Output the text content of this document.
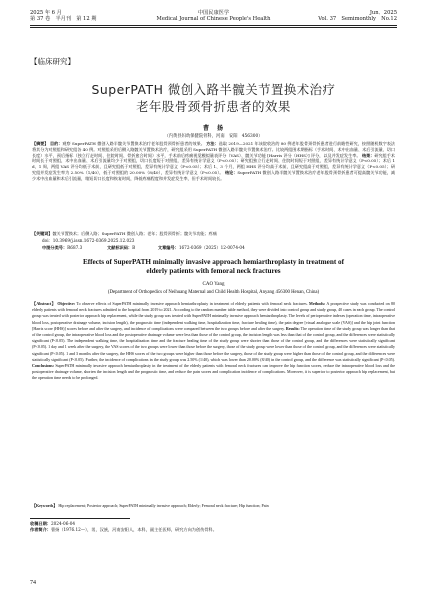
2025 年 6 月
第 37 卷　半月刊　第 12 期
中国民康医学
Medical Journal of Chinese People's Health
Jun．2025
Vol. 37　Semimonthly　No.12
【临床研究】
SuperPATH 微创入路半髋关节置换术治疗
老年股骨颈骨折患者的效果
曹　扬
（内黄县妇幼保健院骨科，河南　安阳　456300）
【摘要】 目的：观察 SuperPATH 微创入路半髋关节置换术治疗老年股骨颈骨折患者的效果。 方法：选取 2019—2021 年该院收治的 80 例老年股骨颈骨折患者进行前瞻性研究，按照随机数字表法将其分为对照组和研究组各 40 例。对照组采用后侧入路髋关节置换术治疗，研究组采用 SuperPATH 微创入路半髋关节置换术治疗。比较两组围术期指标（手术时间、术中出血量、术后引流量、切口长度）水平，预后指标（独立行走时间、住院时间、骨折愈合时间）水平，手术前后疼痛视觉模拟量表评分（VAS）、髋关节功能 [Harris 评分（HHS）] 评分，以及并发症发生率。 结果：研究组手术时间长于对照组，术中出血量、术后引流量均少于对照组，切口长度短于对照组，差异有统计学意义（P<0.05）；研究组独立行走时间、住院时间短于对照组，差异有统计学意义（P<0.05）；术后 1 d、1 周，两组 VAS 评分均低于术前，且研究组低于对照组，差异有统计学意义（P<0.05）；术后 1、3 个月，两组 HHS 评分均高于术前，且研究组高于对照组，差异有统计学意义（P<0.05）；研究组并发症发生率为 2.50%（1/40），低于对照组的 20.00%（8/40），差异有统计学意义（P<0.05）。 结论：SuperPATH 微创入路半髋关节置换术治疗老年股骨颈骨折患者可提高髋关节功能，减少术中出血量和术后引流量，缩短切口长度和恢复时间，降低疼痛程度和并发症发生率，但手术时间较长。
【关键词】髋关节置换术；后侧入路；SuperPATH 微创入路；老年；股骨颈骨折；髋关节功能；疼痛
doi：10.3969/j.issn.1672-0369.2025.12.023
中图分类号：R687.3	文献标识码：B	文章编号：1672-0369（2025）12-0074-04
Effects of SuperPATH minimally invasive approach hemiarthroplasty in treatment of
elderly patients with femoral neck fractures
CAO Yang
(Department of Orthopedics of Neihuang Maternal and Child Health Hospital, Anyang 456300 Henan, China)
【Abstract】 Objective: To observe effects of SuperPATH minimally invasive approach hemiarthroplasty in treatment of elderly patients with femoral neck fractures. Methods: A prospective study was conducted on 80 elderly patients with femoral neck fractures admitted to the hospital from 2019 to 2021. According to the random number table method, they were divided into control group and study group, 40 cases in each group. The control group was treated with posterior approach hip replacement, while the study group was treated with SuperPATH minimally invasive approach hemiarthroplasty. The levels of perioperative indexes (operation time, intraoperative blood loss, postoperative drainage volume, incision length), the prognostic time (independent walking time, hospitalization time, fracture healing time), the pain degree [visual analogue scale (VAS)] and the hip joint function [Harris score (HHS)] scores before and after the surgery, and incidence of complications were compared between the two groups before and after the surgery. Results: The operation time of the study group was longer than that of the control group, the intraoperative blood loss and the postoperative drainage volume were less than those of the control group, the incision length was less than that of the control group, and the differences were statistically significant (P<0.05). The independent walking time, the hospitalization time and the fracture healing time of the study group were shorter than those of the control group, and the differences were statistically significant (P<0.05). 1 day and 1 week after the surgery, the VAS scores of the two groups were lower than those before the surgery, those of the study group were lower than those of the control group, and the differences were statistically significant (P<0.05). 1 and 3 months after the surgery, the HHS scores of the two groups were higher than those before the surgery, those of the study group were higher than those of the control group, and the differences were statistically significant (P<0.05). Further, the incidence of complications in the study group was 2.50% (1/40), which was lower than 20.00% (8/40) in the control group, and the difference was statistically significant (P<0.05). Conclusions: SuperPATH minimally invasive approach hemiarthroplasty in the treatment of the elderly patients with femoral neck fractures can improve the hip function scores, reduce the intraoperative blood loss and the postoperative drainage volume, shorten the incision length and the prognostic time, and reduce the pain scores and complication incidence of complications. Moreover, it is superior to posterior approach hip replacement, but the operation time needs to be prolonged.
【Keywords】 Hip replacement; Posterior approach; SuperPATH minimally invasive approach; Elderly; Femoral neck fracture; Hip function; Pain
收稿日期：2024-06-04
作者简介：曹扬（1976.12—），男，汉族，河南安阳人，本科，副主任医师，研究方向为创伤骨科。
74
